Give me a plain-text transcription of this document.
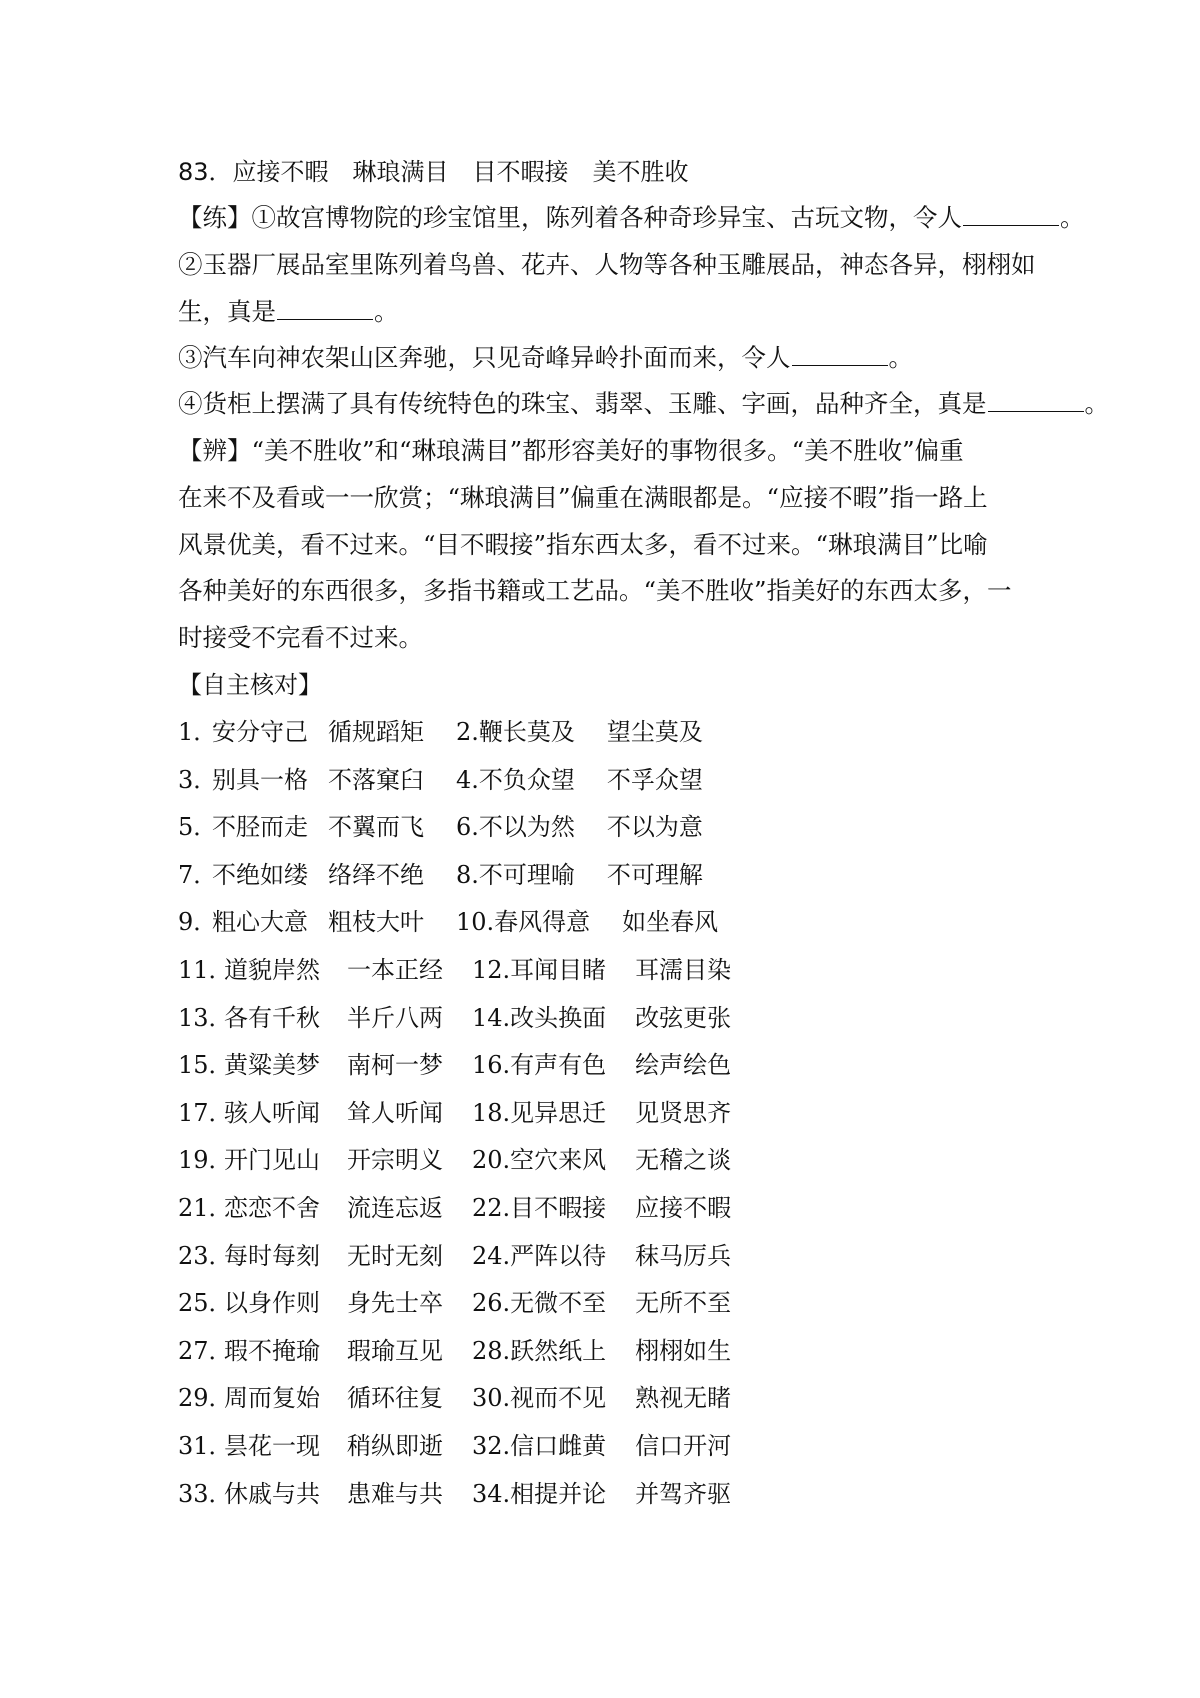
83．应接不暇　琳琅满目　目不暇接　美不胜收
【练】①故宫博物院的珍宝馆里，陈列着各种奇珍异宝、古玩文物，令人	。
②玉器厂展品室里陈列着鸟兽、花卉、人物等各种玉雕展品，神态各异，栩栩如
生，真是	。
③汽车向神农架山区奔驰，只见奇峰异岭扑面而来，令人	。
④货柜上摆满了具有传统特色的珠宝、翡翠、玉雕、字画，品种齐全，真是	。
【辨】“美不胜收”和“琳琅满目”都形容美好的事物很多。“美不胜收”偏重
在来不及看或一一欣赏；“琳琅满目”偏重在满眼都是。“应接不暇”指一路上
风景优美，看不过来。“目不暇接”指东西太多，看不过来。“琳琅满目”比喻
各种美好的东西很多，多指书籍或工艺品。“美不胜收”指美好的东西太多，一
时接受不完看不过来。
【自主核对】
1．安分守己 循规蹈矩 2.鞭长莫及 望尘莫及
3．别具一格 不落窠臼 4.不负众望 不孚众望
5．不胫而走 不翼而飞 6.不以为然 不以为意
7．不绝如缕 络绎不绝 8.不可理喻 不可理解
9．粗心大意 粗枝大叶 10.春风得意 如坐春风
11．道貌岸然 一本正经 12.耳闻目睹 耳濡目染
13．各有千秋 半斤八两 14.改头换面 改弦更张
15．黄粱美梦 南柯一梦 16.有声有色 绘声绘色
17．骇人听闻 耸人听闻 18.见异思迁 见贤思齐
19．开门见山 开宗明义 20.空穴来风 无稽之谈
21．恋恋不舍 流连忘返 22.目不暇接 应接不暇
23．每时每刻 无时无刻 24.严阵以待 秣马厉兵
25．以身作则 身先士卒 26.无微不至 无所不至
27．瑕不掩瑜 瑕瑜互见 28.跃然纸上 栩栩如生
29．周而复始 循环往复 30.视而不见 熟视无睹
31．昙花一现 稍纵即逝 32.信口雌黄 信口开河
33．休戚与共 患难与共 34.相提并论 并驾齐驱
